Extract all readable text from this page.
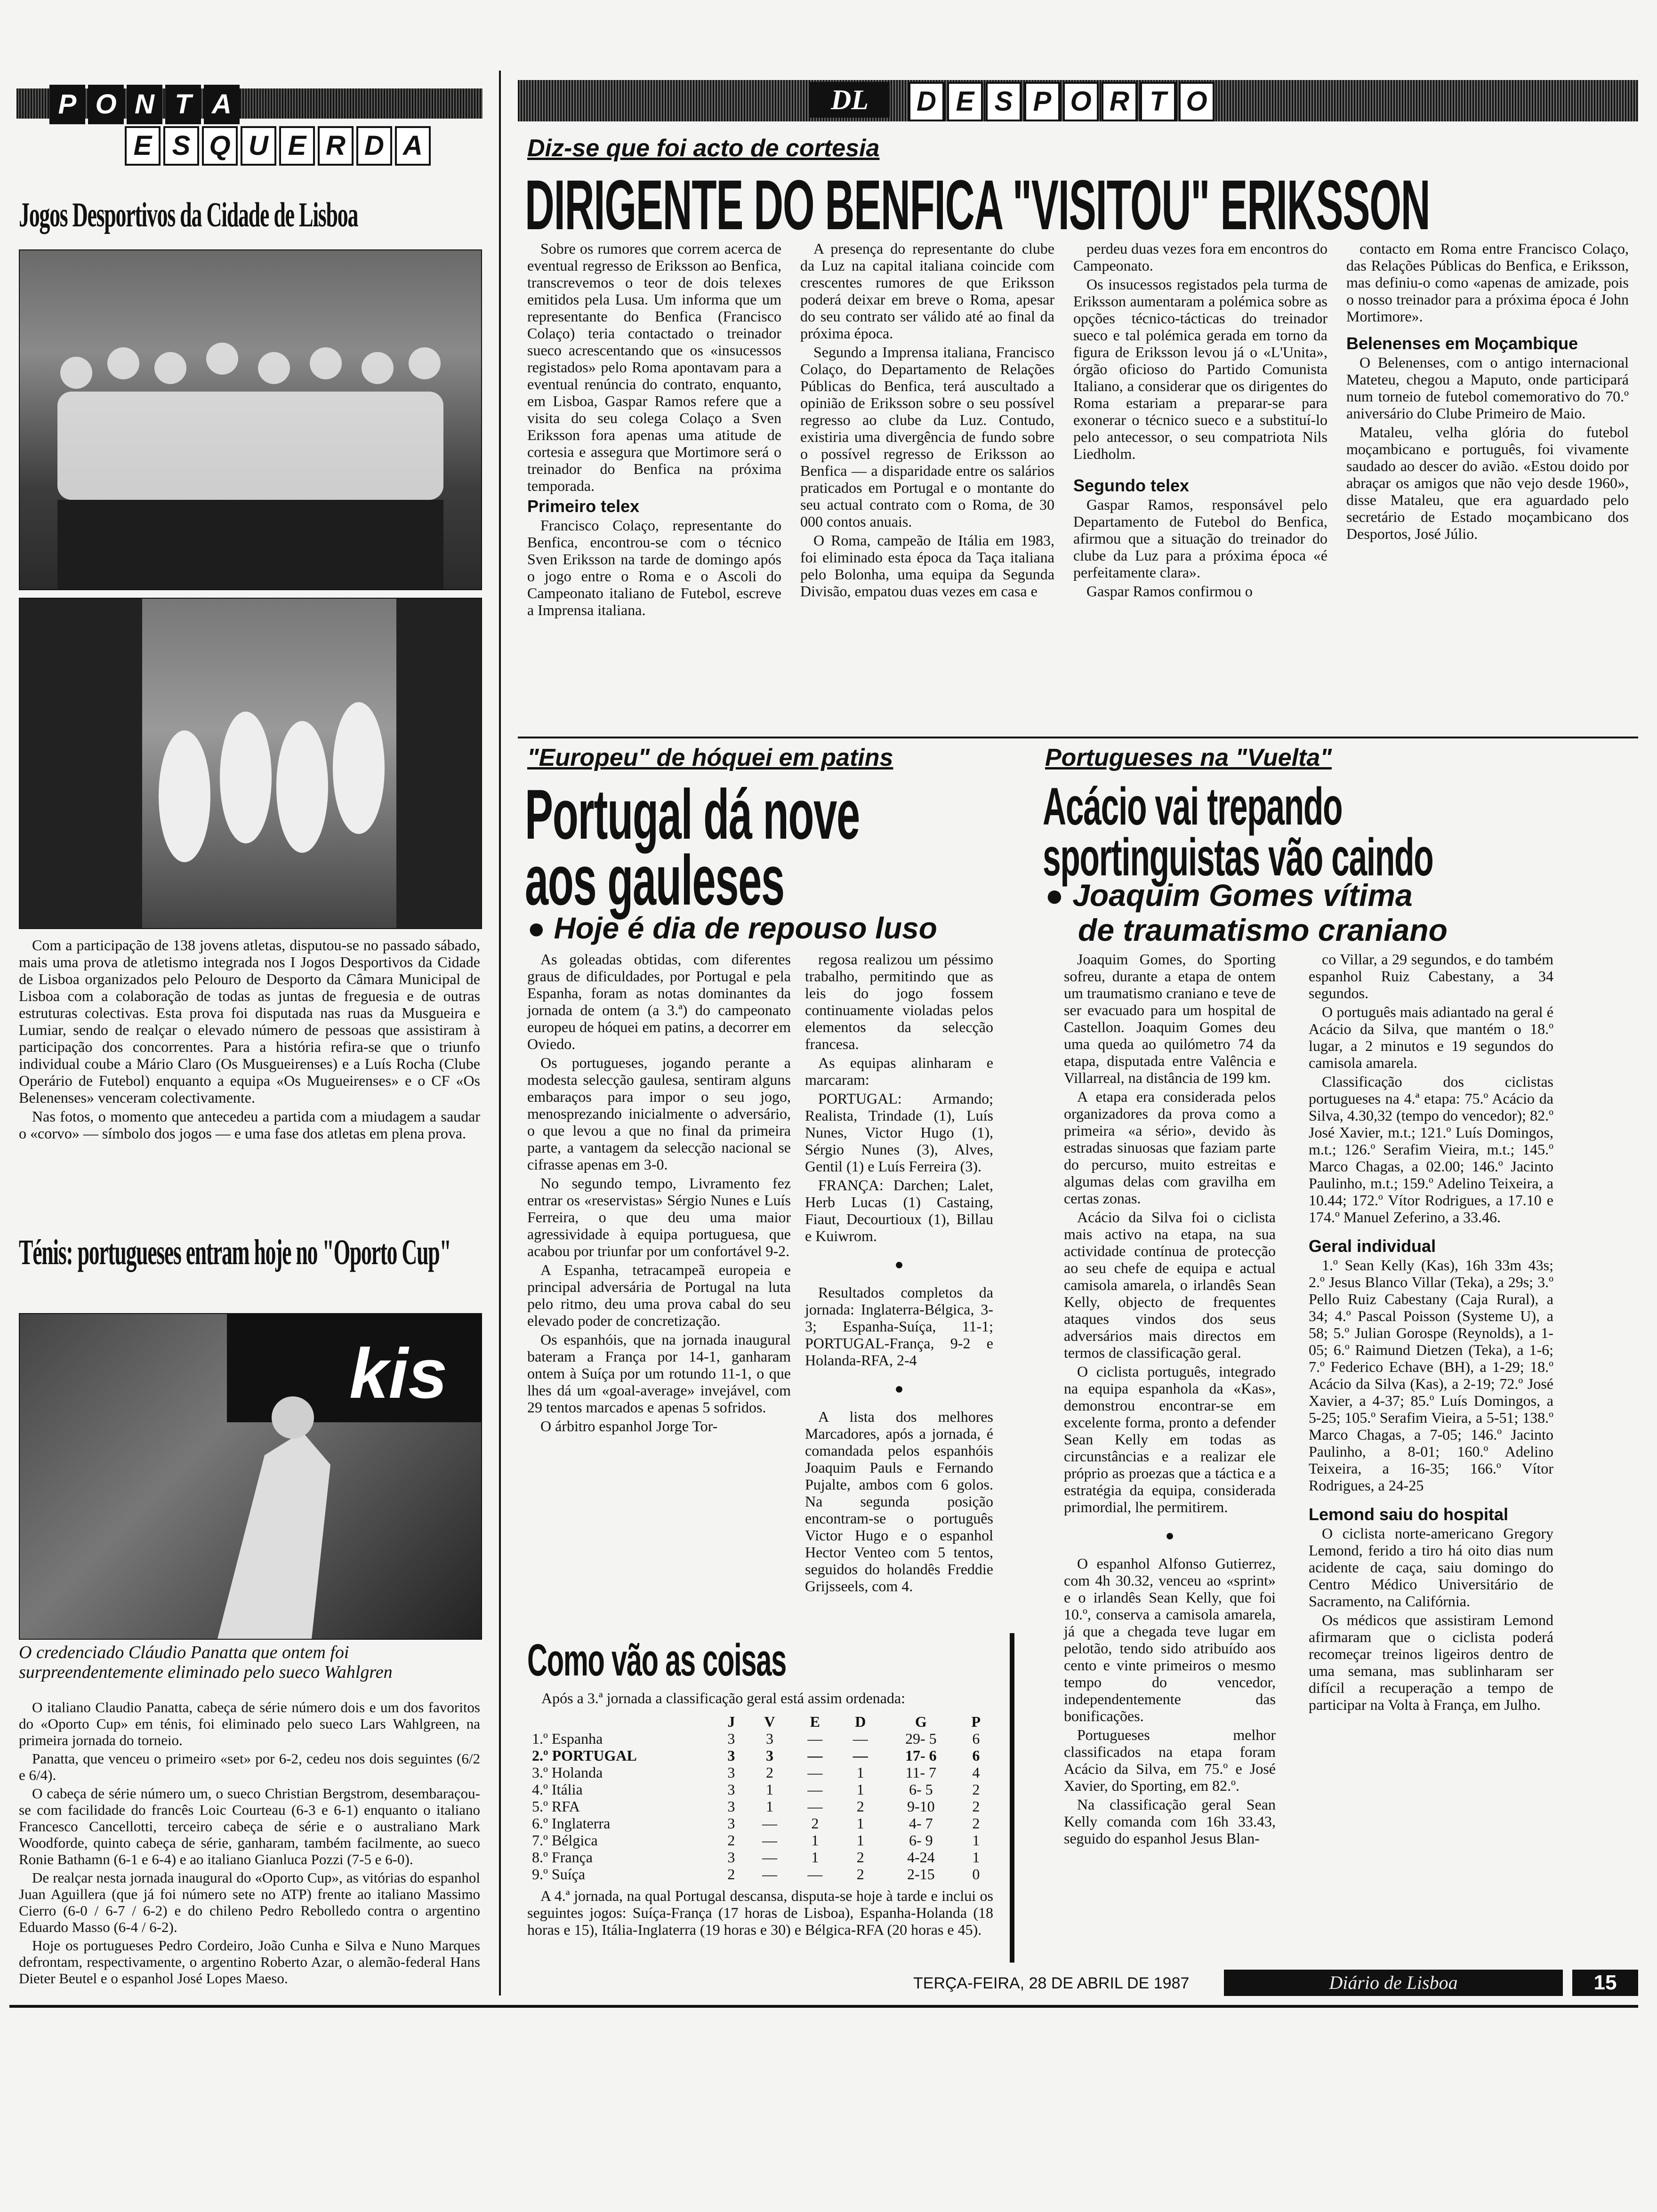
P O N T A
E S Q U E R D A
Jogos Desportivos da Cidade de Lisboa

Com a participação de 138 jovens atletas, disputou-se no passado sábado, mais uma prova de atletismo integrada nos I Jogos Desportivos da Cidade de Lisboa organizados pelo Pelouro de Desporto da Câmara Municipal de Lisboa com a colaboração de todas as juntas de freguesia e de outras estruturas colectivas. Esta prova foi disputada nas ruas da Musgueira e Lumiar, sendo de realçar o elevado número de pessoas que assistiram à participação dos concorrentes. Para a história refira-se que o triunfo individual coube a Mário Claro (Os Musgueirenses) e a Luís Rocha (Clube Operário de Futebol) enquanto a equipa «Os Mugueirenses» e o CF «Os Belenenses» venceram colectivamente.

Nas fotos, o momento que antecedeu a partida com a miudagem a saudar o «corvo» — símbolo dos jogos — e uma fase dos atletas em plena prova.

Ténis: portugueses entram hoje no "Oporto Cup"
kis
O credenciado Cláudio Panatta que ontem foi surpreendentemente eliminado pelo sueco Wahlgren

O italiano Claudio Panatta, cabeça de série número dois e um dos favoritos do «Oporto Cup» em ténis, foi eliminado pelo sueco Lars Wahlgreen, na primeira jornada do torneio.

Panatta, que venceu o primeiro «set» por 6-2, cedeu nos dois seguintes (6/2 e 6/4).

O cabeça de série número um, o sueco Christian Bergstrom, desembaraçou-se com facilidade do francês Loic Courteau (6-3 e 6-1) enquanto o italiano Francesco Cancellotti, terceiro cabeça de série e o australiano Mark Woodforde, quinto cabeça de série, ganharam, também facilmente, ao sueco Ronie Bathamn (6-1 e 6-4) e ao italiano Gianluca Pozzi (7-5 e 6-0).

De realçar nesta jornada inaugural do «Oporto Cup», as vitórias do espanhol Juan Aguillera (que já foi número sete no ATP) frente ao italiano Massimo Cierro (6-0 / 6-7 / 6-2) e do chileno Pedro Rebolledo contra o argentino Eduardo Masso (6-4 / 6-2).

Hoje os portugueses Pedro Cordeiro, João Cunha e Silva e Nuno Marques defrontam, respectivamente, o argentino Roberto Azar, o alemão-federal Hans Dieter Beutel e o espanhol José Lopes Maeso.

DL	D E S P O R T O
Diz-se que foi acto de cortesia
DIRIGENTE DO BENFICA "VISITOU" ERIKSSON

Sobre os rumores que correm acerca de eventual regresso de Eriksson ao Benfica, transcrevemos o teor de dois telexes emitidos pela Lusa. Um informa que um representante do Benfica (Francisco Colaço) teria contactado o treinador sueco acrescentando que os «insucessos registados» pelo Roma apontavam para a eventual renúncia do contrato, enquanto, em Lisboa, Gaspar Ramos refere que a visita do seu colega Colaço a Sven Eriksson fora apenas uma atitude de cortesia e assegura que Mortimore será o treinador do Benfica na próxima temporada.

Primeiro telex

Francisco Colaço, representante do Benfica, encontrou-se com o técnico Sven Eriksson na tarde de domingo após o jogo entre o Roma e o Ascoli do Campeonato italiano de Futebol, escreve a Imprensa italiana.

A presença do representante do clube da Luz na capital italiana coincide com crescentes rumores de que Eriksson poderá deixar em breve o Roma, apesar do seu contrato ser válido até ao final da próxima época.

Segundo a Imprensa italiana, Francisco Colaço, do Departamento de Relações Públicas do Benfica, terá auscultado a opinião de Eriksson sobre o seu possível regresso ao clube da Luz. Contudo, existiria uma divergência de fundo sobre o possível regresso de Eriksson ao Benfica — a disparidade entre os salários praticados em Portugal e o montante do seu actual contrato com o Roma, de 30 000 contos anuais.

O Roma, campeão de Itália em 1983, foi eliminado esta época da Taça italiana pelo Bolonha, uma equipa da Segunda Divisão, empatou duas vezes em casa e

perdeu duas vezes fora em encontros do Campeonato.

Os insucessos registados pela turma de Eriksson aumentaram a polémica sobre as opções técnico-tácticas do treinador sueco e tal polémica gerada em torno da figura de Eriksson levou já o «L'Unita», órgão oficioso do Partido Comunista Italiano, a considerar que os dirigentes do Roma estariam a preparar-se para exonerar o técnico sueco e a substituí-lo pelo antecessor, o seu compatriota Nils Liedholm.

Segundo telex

Gaspar Ramos, responsável pelo Departamento de Futebol do Benfica, afirmou que a situação do treinador do clube da Luz para a próxima época «é perfeitamente clara».

Gaspar Ramos confirmou o

contacto em Roma entre Francisco Colaço, das Relações Públicas do Benfica, e Eriksson, mas definiu-o como «apenas de amizade, pois o nosso treinador para a próxima época é John Mortimore».

Belenenses em Moçambique

O Belenenses, com o antigo internacional Mateteu, chegou a Maputo, onde participará num torneio de futebol comemorativo do 70.º aniversário do Clube Primeiro de Maio.

Mataleu, velha glória do futebol moçambicano e português, foi vivamente saudado ao descer do avião. «Estou doido por abraçar os amigos que não vejo desde 1960», disse Mataleu, que era aguardado pelo secretário de Estado moçambicano dos Desportos, José Júlio.

"Europeu" de hóquei em patins
Portugal dá nove
aos gauleses
● Hoje é dia de repouso luso

As goleadas obtidas, com diferentes graus de dificuldades, por Portugal e pela Espanha, foram as notas dominantes da jornada de ontem (a 3.ª) do campeonato europeu de hóquei em patins, a decorrer em Oviedo.

Os portugueses, jogando perante a modesta selecção gaulesa, sentiram alguns embaraços para impor o seu jogo, menosprezando inicialmente o adversário, o que levou a que no final da primeira parte, a vantagem da selecção nacional se cifrasse apenas em 3-0.

No segundo tempo, Livramento fez entrar os «reservistas» Sérgio Nunes e Luís Ferreira, o que deu uma maior agressividade à equipa portuguesa, que acabou por triunfar por um confortável 9-2.

A Espanha, tetracampeã europeia e principal adversária de Portugal na luta pelo ritmo, deu uma prova cabal do seu elevado poder de concretização.

Os espanhóis, que na jornada inaugural bateram a França por 14-1, ganharam ontem à Suíça por um rotundo 11-1, o que lhes dá um «goal-average» invejável, com 29 tentos marcados e apenas 5 sofridos.

O árbitro espanhol Jorge Tor-

regosa realizou um péssimo trabalho, permitindo que as leis do jogo fossem continuamente violadas pelos elementos da selecção francesa.

As equipas alinharam e marcaram:

PORTUGAL: Armando; Realista, Trindade (1), Luís Nunes, Victor Hugo (1), Sérgio Nunes (3), Alves, Gentil (1) e Luís Ferreira (3).

FRANÇA: Darchen; Lalet, Herb Lucas (1) Castaing, Fiaut, Decourtioux (1), Billau e Kuiwrom.

●

Resultados completos da jornada: Inglaterra-Bélgica, 3-3; Espanha-Suíça, 11-1; PORTUGAL-França, 9-2 e Holanda-RFA, 2-4

●

A lista dos melhores Marcadores, após a jornada, é comandada pelos espanhóis Joaquim Pauls e Fernando Pujalte, ambos com 6 golos. Na segunda posição encontram-se o português Victor Hugo e o espanhol Hector Venteo com 5 tentos, seguidos do holandês Freddie Grijsseels, com 4.

Como vão as coisas
Após a 3.ª jornada a classificação geral está assim ordenada:
	J	V	E	D	G	P
1.º Espanha	3	3	—	—	29- 5	6
2.º PORTUGAL	3	3	—	—	17- 6	6
3.º Holanda	3	2	—	1	11- 7	4
4.º Itália	3	1	—	1	6- 5	2
5.º RFA	3	1	—	2	9-10	2
6.º Inglaterra	3	—	2	1	4- 7	2
7.º Bélgica	2	—	1	1	6- 9	1
8.º França	3	—	1	2	4-24	1
9.º Suíça	2	—	—	2	2-15	0

A 4.ª jornada, na qual Portugal descansa, disputa-se hoje à tarde e inclui os seguintes jogos: Suíça-França (17 horas de Lisboa), Espanha-Holanda (18 horas e 15), Itália-Inglaterra (19 horas e 30) e Bélgica-RFA (20 horas e 45).

Portugueses na "Vuelta"
Acácio vai trepando
sportinguistas vão caindo
● Joaquim Gomes vítima
de traumatismo craniano

Joaquim Gomes, do Sporting sofreu, durante a etapa de ontem um traumatismo craniano e teve de ser evacuado para um hospital de Castellon. Joaquim Gomes deu uma queda ao quilómetro 74 da etapa, disputada entre Valência e Villarreal, na distância de 199 km.

A etapa era considerada pelos organizadores da prova como a primeira «a sério», devido às estradas sinuosas que faziam parte do percurso, muito estreitas e algumas delas com gravilha em certas zonas.

Acácio da Silva foi o ciclista mais activo na etapa, na sua actividade contínua de protecção ao seu chefe de equipa e actual camisola amarela, o irlandês Sean Kelly, objecto de frequentes ataques vindos dos seus adversários mais directos em termos de classificação geral.

O ciclista português, integrado na equipa espanhola da «Kas», demonstrou encontrar-se em excelente forma, pronto a defender Sean Kelly em todas as circunstâncias e a realizar ele próprio as proezas que a táctica e a estratégia da equipa, considerada primordial, lhe permitirem.

●

O espanhol Alfonso Gutierrez, com 4h 30.32, venceu ao «sprint» e o irlandês Sean Kelly, que foi 10.º, conserva a camisola amarela, já que a chegada teve lugar em pelotão, tendo sido atribuído aos cento e vinte primeiros o mesmo tempo do vencedor, independentemente das bonificações.

Portugueses melhor classificados na etapa foram Acácio da Silva, em 75.º e José Xavier, do Sporting, em 82.º.

Na classificação geral Sean Kelly comanda com 16h 33.43, seguido do espanhol Jesus Blan-

co Villar, a 29 segundos, e do também espanhol Ruiz Cabestany, a 34 segundos.

O português mais adiantado na geral é Acácio da Silva, que mantém o 18.º lugar, a 2 minutos e 19 segundos do camisola amarela.

Classificação dos ciclistas portugueses na 4.ª etapa: 75.º Acácio da Silva, 4.30,32 (tempo do vencedor); 82.º José Xavier, m.t.; 121.º Luís Domingos, m.t.; 126.º Serafim Vieira, m.t.; 145.º Marco Chagas, a 02.00; 146.º Jacinto Paulinho, m.t.; 159.º Adelino Teixeira, a 10.44; 172.º Vítor Rodrigues, a 17.10 e 174.º Manuel Zeferino, a 33.46.

Geral individual

1.º Sean Kelly (Kas), 16h 33m 43s; 2.º Jesus Blanco Villar (Teka), a 29s; 3.º Pello Ruiz Cabestany (Caja Rural), a 34; 4.º Pascal Poisson (Systeme U), a 58; 5.º Julian Gorospe (Reynolds), a 1-05; 6.º Raimund Dietzen (Teka), a 1-6; 7.º Federico Echave (BH), a 1-29; 18.º Acácio da Silva (Kas), a 2-19; 72.º José Xavier, a 4-37; 85.º Luís Domingos, a 5-25; 105.º Serafim Vieira, a 5-51; 138.º Marco Chagas, a 7-05; 146.º Jacinto Paulinho, a 8-01; 160.º Adelino Teixeira, a 16-35; 166.º Vítor Rodrigues, a 24-25

Lemond saiu do hospital

O ciclista norte-americano Gregory Lemond, ferido a tiro há oito dias num acidente de caça, saiu domingo do Centro Médico Universitário de Sacramento, na Califórnia.

Os médicos que assistiram Lemond afirmaram que o ciclista poderá recomeçar treinos ligeiros dentro de uma semana, mas sublinharam ser difícil a recuperação a tempo de participar na Volta à França, em Julho.

TERÇA-FEIRA, 28 DE ABRIL DE 1987	Diário de Lisboa	15
